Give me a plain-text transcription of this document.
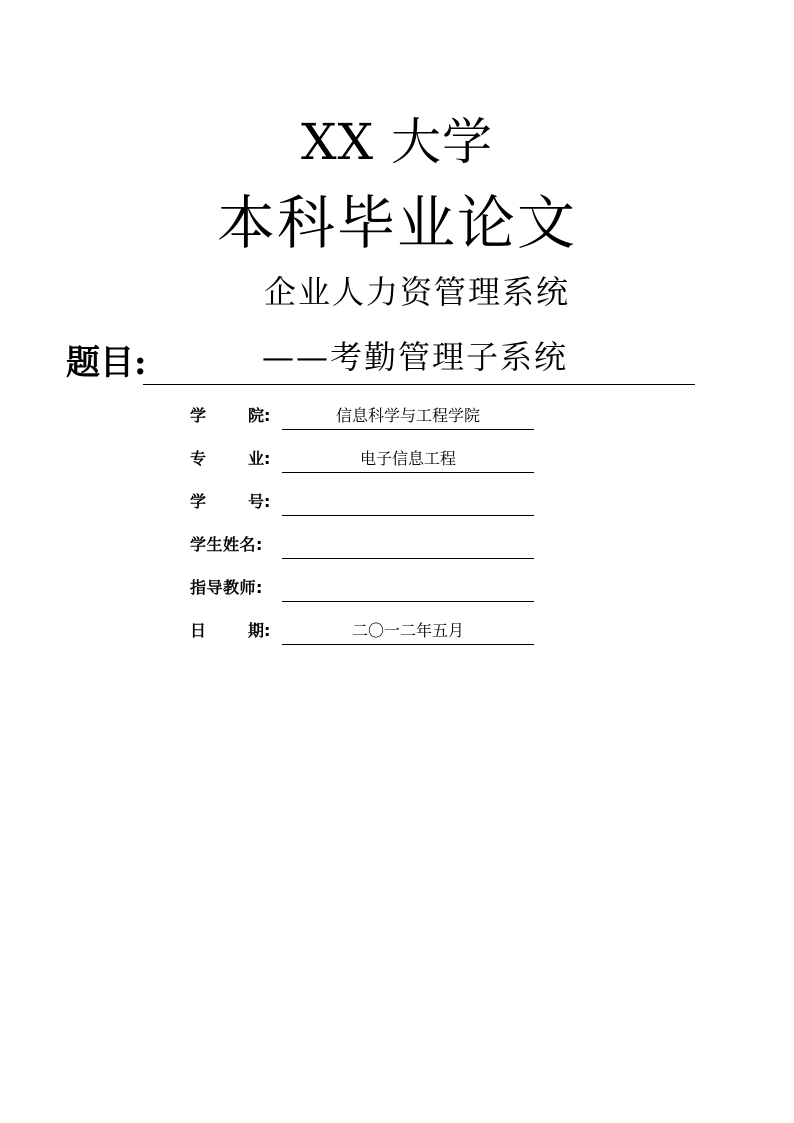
XX 大学
本科毕业论文
企业人力资管理系统
题目:	——考勤管理子系统
学	院:	信息科学与工程学院
专	业:	电子信息工程
学	号:
学生姓名:
指导教师:
日	期:	二〇一二年五月
